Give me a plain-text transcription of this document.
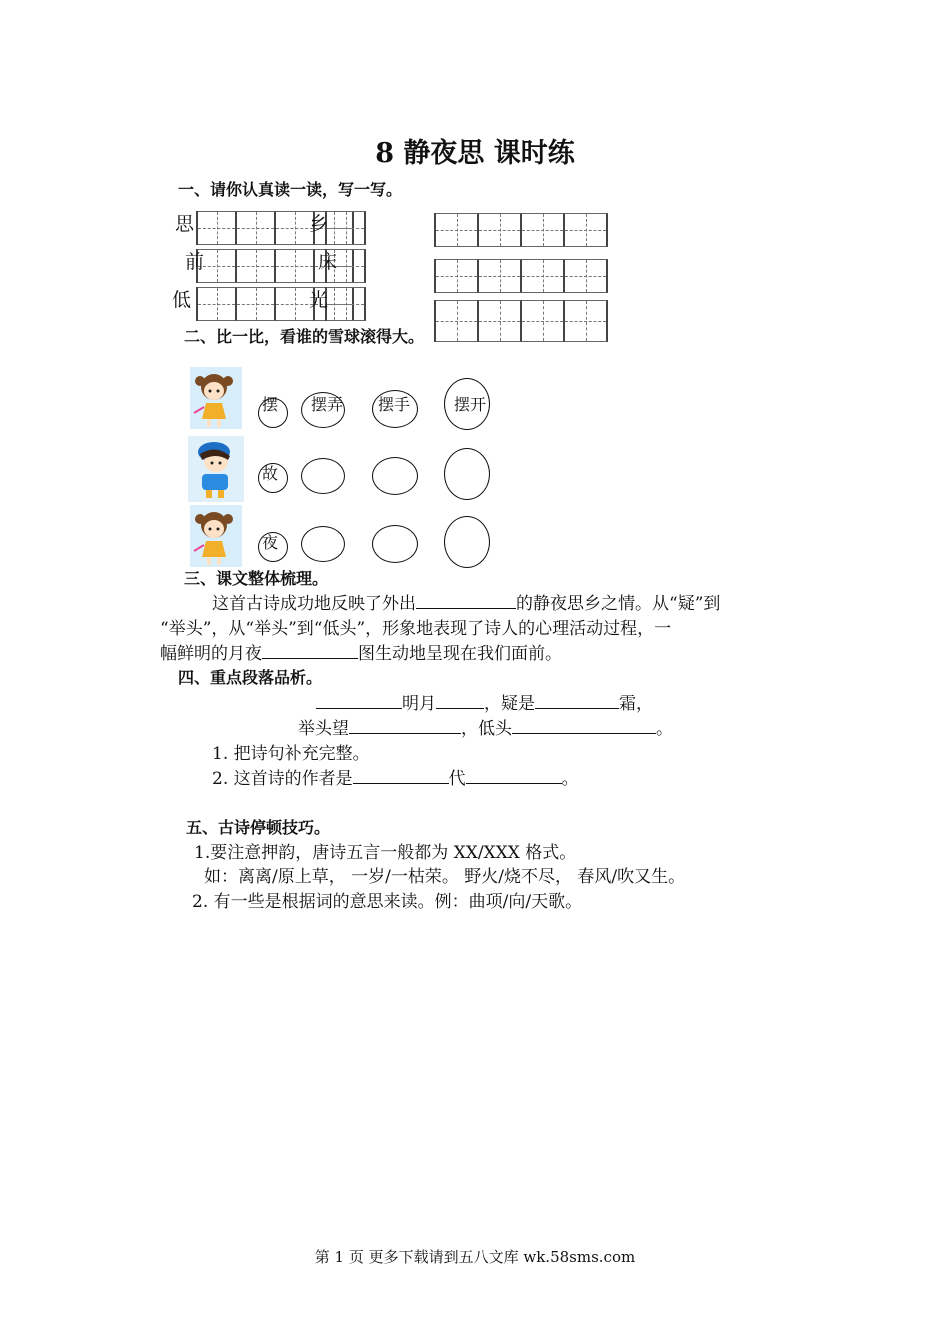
8 静夜思 课时练
一、请你认真读一读，写一写。
思	乡
前	床
低	光
二、比一比，看谁的雪球滚得大。
摆 摆弄 摆手	摆开
故
夜
三、课文整体梳理。
这首古诗成功地反映了外出	的静夜思乡之情。从“疑”到
“举头”，从“举头”到“低头”，形象地表现了诗人的心理活动过程，一
幅鲜明的月夜	图生动地呈现在我们面前。
四、重点段落品析。
明月	，疑是	霜，
举头望	，低头	。
1. 把诗句补充完整。
2. 这首诗的作者是	代	。
五、古诗停顿技巧。
1.要注意押韵，唐诗五言一般都为 XX/XXX 格式。
如：离离/原上草， 一岁/一枯荣。 野火/烧不尽， 春风/吹又生。
2. 有一些是根据词的意思来读。例：曲项/向/天歌。
第 1 页 更多下载请到五八文库 wk.58sms.com
